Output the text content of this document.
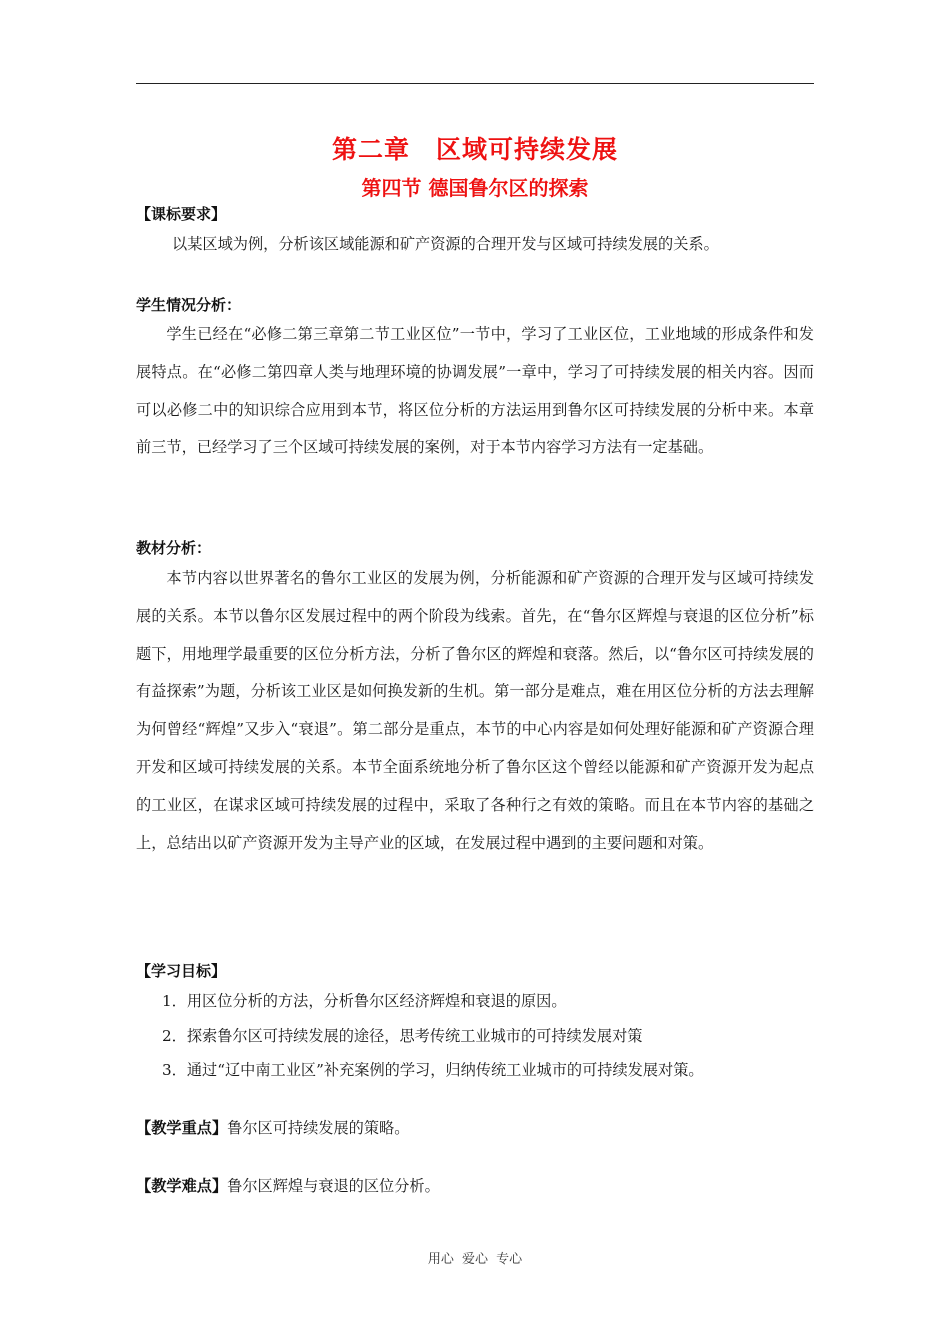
第二章　区域可持续发展
第四节 德国鲁尔区的探索
【课标要求】
以某区域为例，分析该区域能源和矿产资源的合理开发与区域可持续发展的关系。
学生情况分析：
学生已经在“必修二第三章第二节工业区位”一节中，学习了工业区位，工业地域的形成条件和发展特点。在“必修二第四章人类与地理环境的协调发展”一章中，学习了可持续发展的相关内容。因而可以必修二中的知识综合应用到本节，将区位分析的方法运用到鲁尔区可持续发展的分析中来。本章前三节，已经学习了三个区域可持续发展的案例，对于本节内容学习方法有一定基础。
教材分析：
本节内容以世界著名的鲁尔工业区的发展为例，分析能源和矿产资源的合理开发与区域可持续发展的关系。本节以鲁尔区发展过程中的两个阶段为线索。首先，在“鲁尔区辉煌与衰退的区位分析”标题下，用地理学最重要的区位分析方法，分析了鲁尔区的辉煌和衰落。然后，以“鲁尔区可持续发展的有益探索”为题，分析该工业区是如何换发新的生机。第一部分是难点，难在用区位分析的方法去理解为何曾经“辉煌”又步入“衰退”。第二部分是重点，本节的中心内容是如何处理好能源和矿产资源合理开发和区域可持续发展的关系。本节全面系统地分析了鲁尔区这个曾经以能源和矿产资源开发为起点的工业区，在谋求区域可持续发展的过程中，采取了各种行之有效的策略。而且在本节内容的基础之上，总结出以矿产资源开发为主导产业的区域，在发展过程中遇到的主要问题和对策。
【学习目标】
1．用区位分析的方法，分析鲁尔区经济辉煌和衰退的原因。
2．探索鲁尔区可持续发展的途径，思考传统工业城市的可持续发展对策
3．通过“辽中南工业区”补充案例的学习，归纳传统工业城市的可持续发展对策。
【教学重点】鲁尔区可持续发展的策略。
【教学难点】鲁尔区辉煌与衰退的区位分析。
用心 爱心 专心
